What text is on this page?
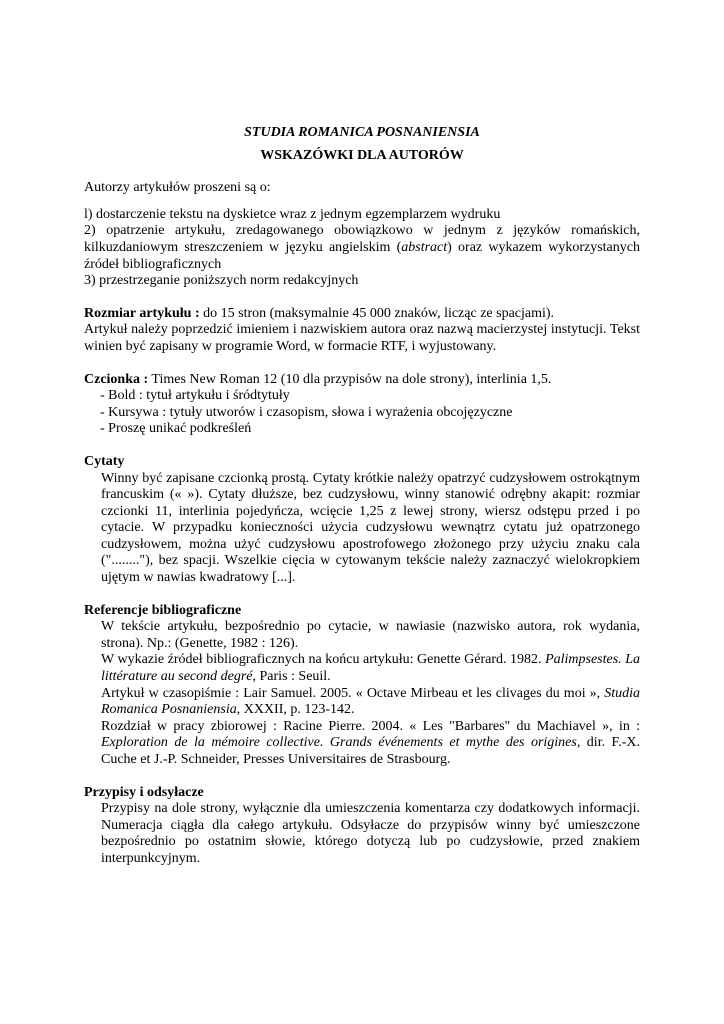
STUDIA ROMANICA POSNANIENSIA

WSKAZÓWKI DLA AUTORÓW

Autorzy artykułów proszeni są o:

l) dostarczenie tekstu na dyskietce wraz z jednym egzemplarzem wydruku

2) opatrzenie artykułu, zredagowanego obowiązkowo w jednym z języków romańskich, kilkuzdaniowym streszczeniem w języku angielskim (abstract) oraz wykazem wykorzystanych źródeł bibliograficznych

3) przestrzeganie poniższych norm redakcyjnych

Rozmiar artykułu : do 15 stron (maksymalnie 45 000 znaków, licząc ze spacjami).

Artykuł należy poprzedzić imieniem i nazwiskiem autora oraz nazwą macierzystej instytucji. Tekst winien być zapisany w programie Word, w formacie RTF, i wyjustowany.

Czcionka : Times New Roman 12 (10 dla przypisów na dole strony), interlinia 1,5.

- Bold : tytuł artykułu i śródtytuły

- Kursywa : tytuły utworów i czasopism, słowa i wyrażenia obcojęzyczne

- Proszę unikać podkreśleń

Cytaty

Winny być zapisane czcionką prostą. Cytaty krótkie należy opatrzyć cudzysłowem ostrokątnym francuskim (« »). Cytaty dłuższe, bez cudzysłowu, winny stanowić odrębny akapit: rozmiar czcionki 11, interlinia pojedyńcza, wcięcie 1,25 z lewej strony, wiersz odstępu przed i po cytacie. W przypadku konieczności użycia cudzysłowu wewnątrz cytatu już opatrzonego cudzysłowem, można użyć cudzysłowu apostrofowego złożonego przy użyciu znaku cala ("........"), bez spacji. Wszelkie cięcia w cytowanym tekście należy zaznaczyć wielokropkiem ujętym w nawias kwadratowy [...].

Referencje bibliograficzne

W tekście artykułu, bezpośrednio po cytacie, w nawiasie (nazwisko autora, rok wydania, strona). Np.: (Genette, 1982 : 126).

W wykazie źródeł bibliograficznych na końcu artykułu: Genette Gérard. 1982. Palimpsestes. La littérature au second degré, Paris : Seuil.

Artykuł w czasopiśmie : Lair Samuel. 2005. « Octave Mirbeau et les clivages du moi », Studia Romanica Posnaniensia, XXXII, p. 123-142.

Rozdział w pracy zbiorowej : Racine Pierre. 2004. « Les "Barbares" du Machiavel », in : Exploration de la mémoire collective. Grands événements et mythe des origines, dir. F.-X. Cuche et J.-P. Schneider, Presses Universitaires de Strasbourg.

Przypisy i odsyłacze

Przypisy na dole strony, wyłącznie dla umieszczenia komentarza czy dodatkowych informacji. Numeracja ciągła dla całego artykułu. Odsyłacze do przypisów winny być umieszczone bezpośrednio po ostatnim słowie, którego dotyczą lub po cudzysłowie, przed znakiem interpunkcyjnym.
